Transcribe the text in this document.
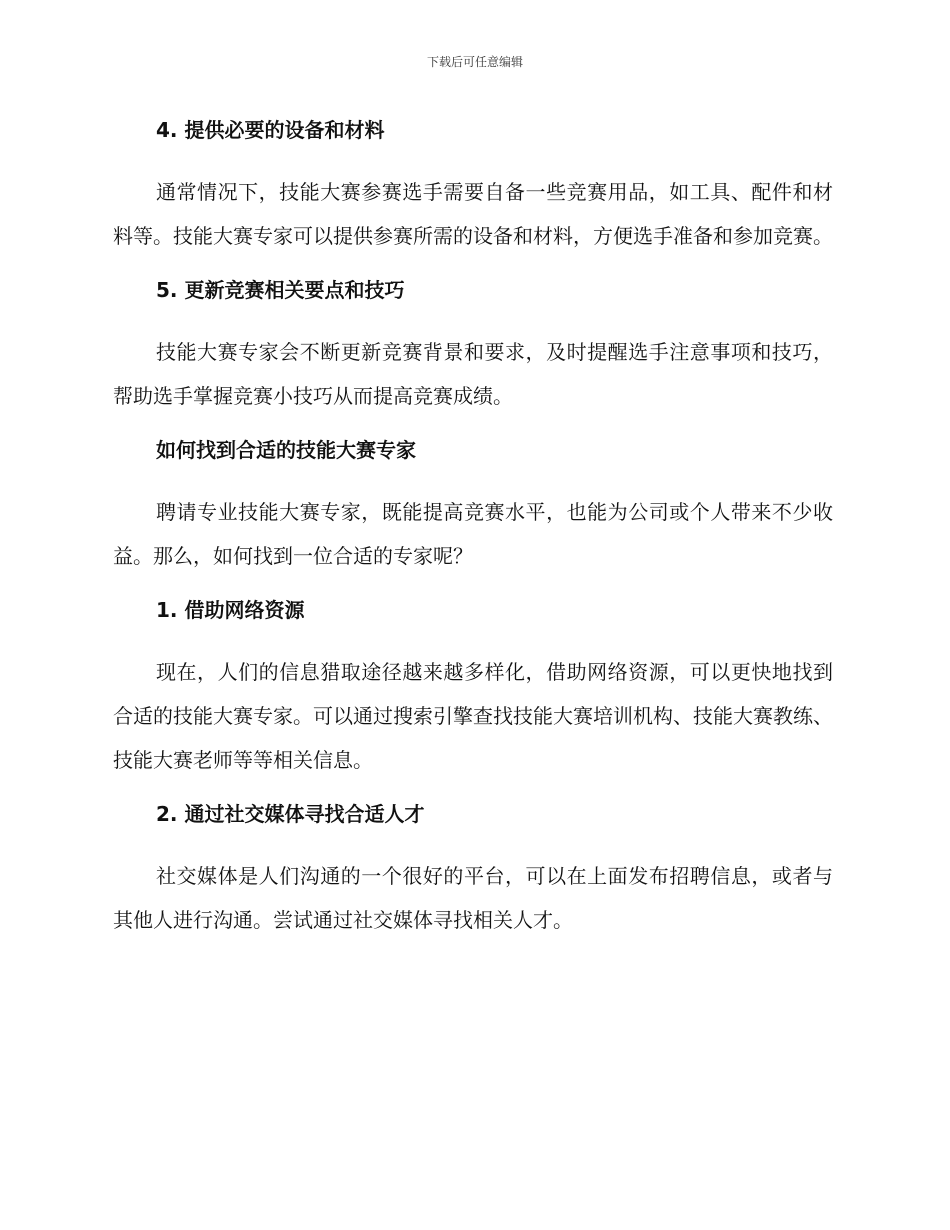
下载后可任意编辑

4. 提供必要的设备和材料

通常情况下，技能大赛参赛选手需要自备一些竞赛用品，如工具、配件和材料等。技能大赛专家可以提供参赛所需的设备和材料，方便选手准备和参加竞赛。

5. 更新竞赛相关要点和技巧

技能大赛专家会不断更新竞赛背景和要求，及时提醒选手注意事项和技巧，帮助选手掌握竞赛小技巧从而提高竞赛成绩。

如何找到合适的技能大赛专家

聘请专业技能大赛专家，既能提高竞赛水平，也能为公司或个人带来不少收益。那么，如何找到一位合适的专家呢？

1. 借助网络资源

现在，人们的信息猎取途径越来越多样化，借助网络资源，可以更快地找到合适的技能大赛专家。可以通过搜索引擎查找技能大赛培训机构、技能大赛教练、技能大赛老师等等相关信息。

2. 通过社交媒体寻找合适人才

社交媒体是人们沟通的一个很好的平台，可以在上面发布招聘信息，或者与其他人进行沟通。尝试通过社交媒体寻找相关人才。
